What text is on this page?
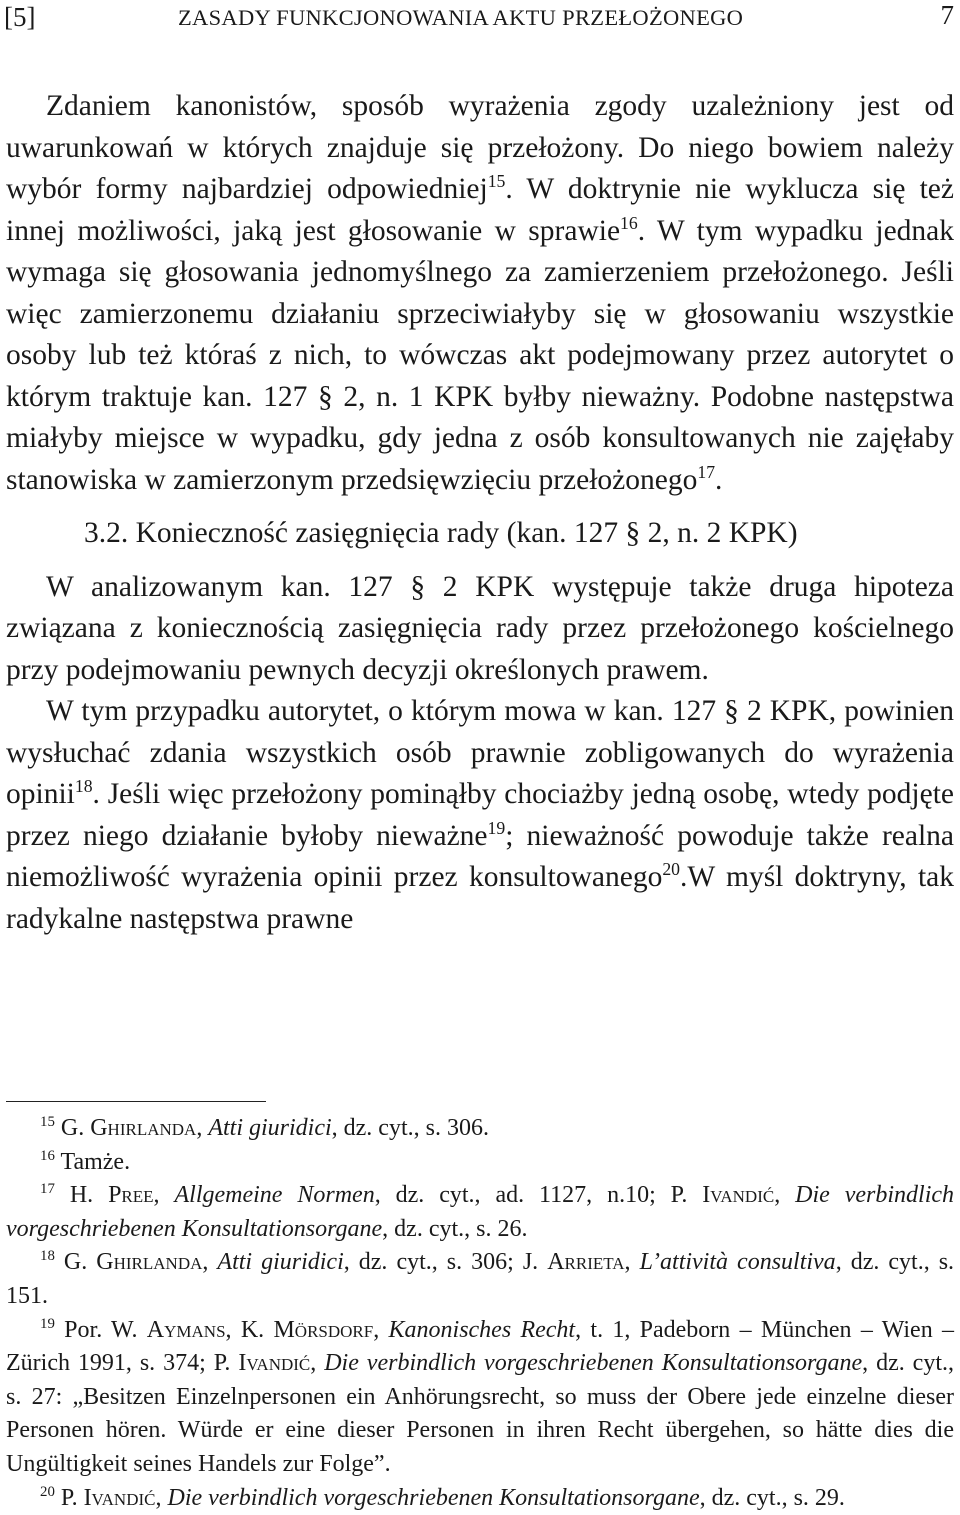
[5]	ZASADY FUNKCJONOWANIA AKTU PRZEŁOŻONEGO	7

Zdaniem kanonistów, sposób wyrażenia zgody uzależniony jest od uwarunkowań w których znajduje się przełożony. Do niego bowiem należy wybór formy najbardziej odpowiedniej$^{15}$. W doktrynie nie wyklucza się też innej możliwości, jaką jest głosowanie w sprawie$^{16}$. W tym wypadku jednak wymaga się głosowania jednomyślnego za zamierzeniem przełożonego. Jeśli więc zamierzonemu działaniu sprzeciwiałyby się w głosowaniu wszystkie osoby lub też któraś z nich, to wówczas akt podejmowany przez autorytet o którym traktuje kan. 127 § 2, n. 1 KPK byłby nieważny. Podobne następstwa miałyby miejsce w wypadku, gdy jedna z osób konsultowanych nie zajęłaby stanowiska w zamierzonym przedsięwzięciu przełożonego$^{17}$.

3.2. Konieczność zasięgnięcia rady (kan. 127 § 2, n. 2 KPK)

W analizowanym kan. 127 § 2 KPK występuje także druga hipoteza związana z koniecznością zasięgnięcia rady przez przełożonego kościelnego przy podejmowaniu pewnych decyzji określonych prawem.

W tym przypadku autorytet, o którym mowa w kan. 127 § 2 KPK, powinien wysłuchać zdania wszystkich osób prawnie zobligowanych do wyrażenia opinii$^{18}$. Jeśli więc przełożony pominąłby chociażby jedną osobę, wtedy podjęte przez niego działanie byłoby nieważne$^{19}$; nieważność powoduje także realna niemożliwość wyrażenia opinii przez konsultowanego$^{20}$.W myśl doktryny, tak radykalne następstwa prawne

$^{15}$ G. Ghirlanda, Atti giuridici, dz. cyt., s. 306.

$^{16}$ Tamże.

$^{17}$ H. Pree, Allgemeine Normen, dz. cyt., ad. 1127, n.10; P. Ivandić, Die verbindlich vorgeschriebenen Konsultationsorgane, dz. cyt., s. 26.

$^{18}$ G. Ghirlanda, Atti giuridici, dz. cyt., s. 306; J. Arrieta, L’attività consultiva, dz. cyt., s. 151.

$^{19}$ Por. W. Aymans, K. Mörsdorf, Kanonisches Recht, t. 1, Padeborn – München – Wien – Zürich 1991, s. 374; P. Ivandić, Die verbindlich vorgeschriebenen Konsultationsorgane, dz. cyt., s. 27: „Besitzen Einzelnpersonen ein Anhörungsrecht, so muss der Obere jede einzelne dieser Personen hören. Würde er eine dieser Personen in ihren Recht übergehen, so hätte dies die Ungültigkeit seines Handels zur Folge”.

$^{20}$ P. Ivandić, Die verbindlich vorgeschriebenen Konsultationsorgane, dz. cyt., s. 29.
